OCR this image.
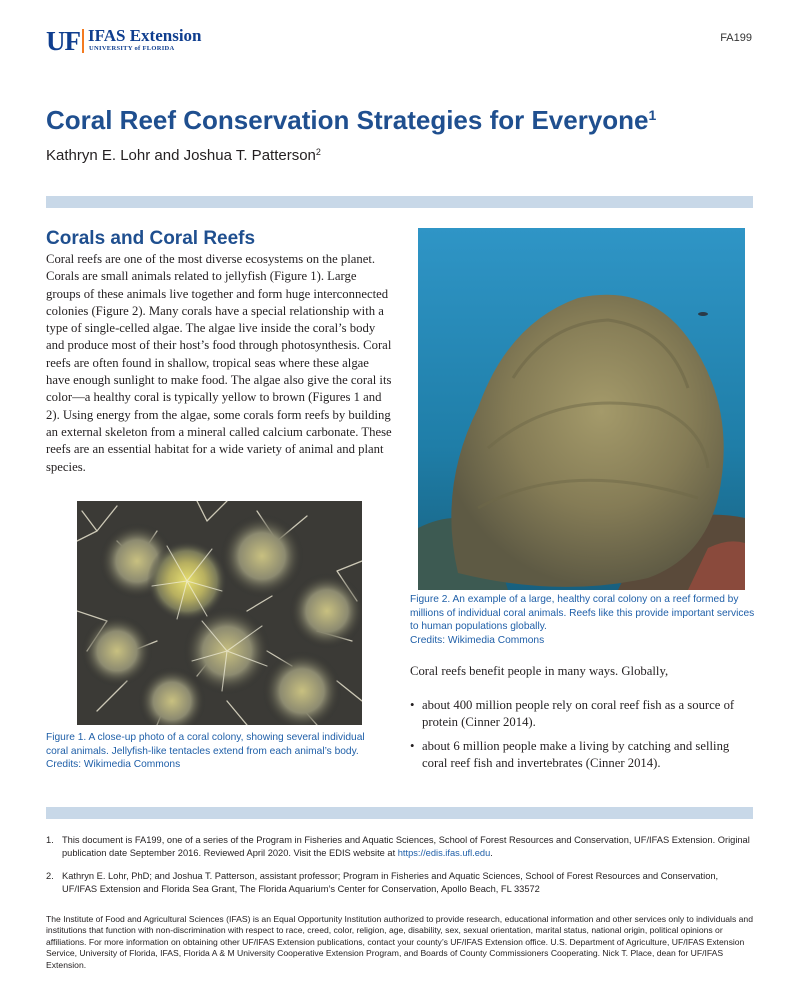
UF IFAS Extension
UNIVERSITY of FLORIDA
FA199
Coral Reef Conservation Strategies for Everyone$^1$
Kathryn E. Lohr and Joshua T. Patterson$^2$
Corals and Coral Reefs
Coral reefs are one of the most diverse ecosystems on the planet. Corals are small animals related to jellyfish (Figure 1). Large groups of these animals live together and form huge interconnected colonies (Figure 2). Many corals have a special relationship with a type of single-celled algae. The algae live inside the coral’s body and produce most of their host’s food through photosynthesis. Coral reefs are often found in shallow, tropical seas where these algae have enough sunlight to make food. The algae also give the coral its color—a healthy coral is typically yellow to brown (Figures 1 and 2). Using energy from the algae, some corals form reefs by building an external skeleton from a mineral called calcium carbonate. These reefs are an essential habitat for a wide variety of animal and plant species.
Figure 1. A close-up photo of a coral colony, showing several individual coral animals. Jellyfish-like tentacles extend from each animal’s body.
Credits: Wikimedia Commons
Figure 2. An example of a large, healthy coral colony on a reef formed by millions of individual coral animals. Reefs like this provide important services to human populations globally.
Credits: Wikimedia Commons
Coral reefs benefit people in many ways. Globally,
• about 400 million people rely on coral reef fish as a source of protein (Cinner 2014).
• about 6 million people make a living by catching and selling coral reef fish and invertebrates (Cinner 2014).
1. This document is FA199, one of a series of the Program in Fisheries and Aquatic Sciences, School of Forest Resources and Conservation, UF/IFAS Extension. Original publication date September 2016. Reviewed April 2020. Visit the EDIS website at https://edis.ifas.ufl.edu.
2. Kathryn E. Lohr, PhD; and Joshua T. Patterson, assistant professor; Program in Fisheries and Aquatic Sciences, School of Forest Resources and Conservation, UF/IFAS Extension and Florida Sea Grant, The Florida Aquarium’s Center for Conservation, Apollo Beach, FL 33572
The Institute of Food and Agricultural Sciences (IFAS) is an Equal Opportunity Institution authorized to provide research, educational information and other services only to individuals and institutions that function with non-discrimination with respect to race, creed, color, religion, age, disability, sex, sexual orientation, marital status, national origin, political opinions or affiliations. For more information on obtaining other UF/IFAS Extension publications, contact your county’s UF/IFAS Extension office. U.S. Department of Agriculture, UF/IFAS Extension Service, University of Florida, IFAS, Florida A & M University Cooperative Extension Program, and Boards of County Commissioners Cooperating. Nick T. Place, dean for UF/IFAS Extension.
